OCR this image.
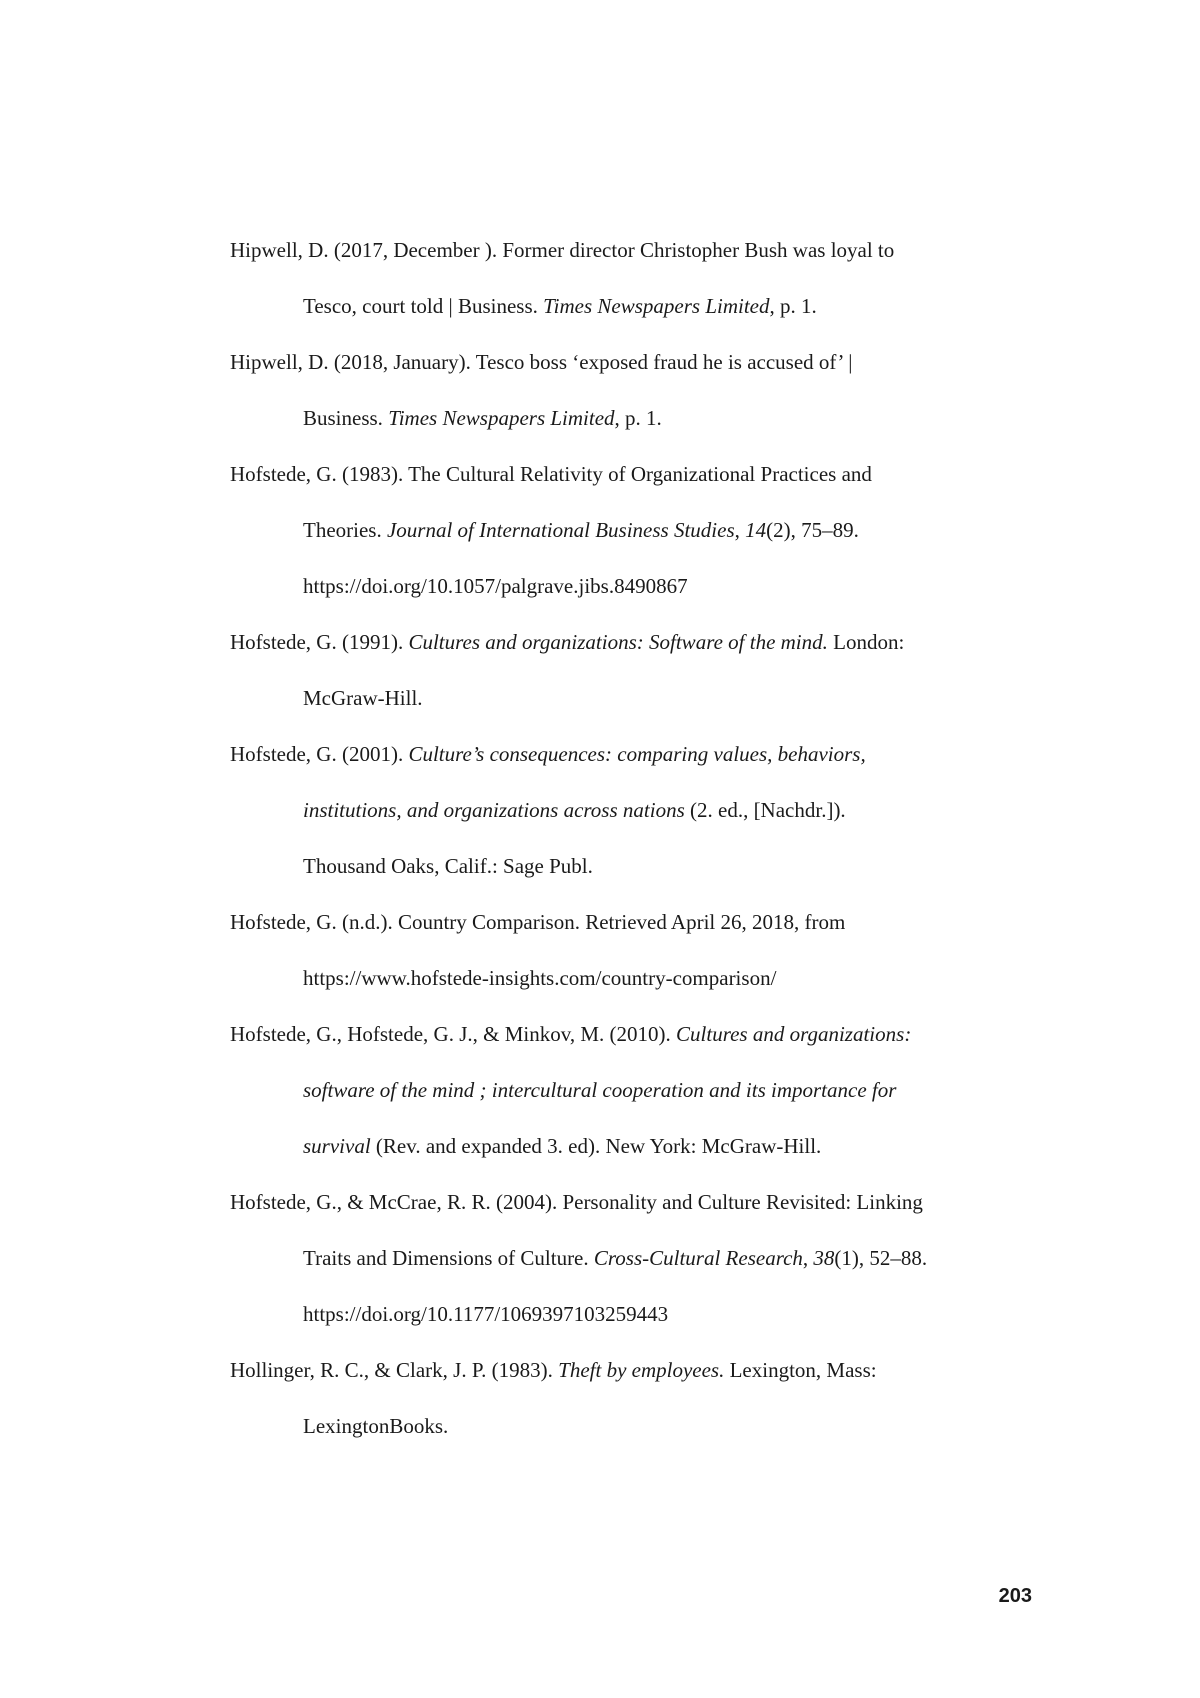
Hipwell, D. (2017, December ). Former director Christopher Bush was loyal to
Tesco, court told | Business. Times Newspapers Limited, p. 1.

Hipwell, D. (2018, January). Tesco boss ‘exposed fraud he is accused of’ |
Business. Times Newspapers Limited, p. 1.

Hofstede, G. (1983). The Cultural Relativity of Organizational Practices and
Theories. Journal of International Business Studies, 14(2), 75–89.
https://doi.org/10.1057/palgrave.jibs.8490867

Hofstede, G. (1991). Cultures and organizations: Software of the mind. London:
McGraw-Hill.

Hofstede, G. (2001). Culture’s consequences: comparing values, behaviors,
institutions, and organizations across nations (2. ed., [Nachdr.]).
Thousand Oaks, Calif.: Sage Publ.

Hofstede, G. (n.d.). Country Comparison. Retrieved April 26, 2018, from
https://www.hofstede-insights.com/country-comparison/

Hofstede, G., Hofstede, G. J., & Minkov, M. (2010). Cultures and organizations:
software of the mind ; intercultural cooperation and its importance for
survival (Rev. and expanded 3. ed). New York: McGraw-Hill.

Hofstede, G., & McCrae, R. R. (2004). Personality and Culture Revisited: Linking
Traits and Dimensions of Culture. Cross-Cultural Research, 38(1), 52–88.
https://doi.org/10.1177/1069397103259443

Hollinger, R. C., & Clark, J. P. (1983). Theft by employees. Lexington, Mass:
LexingtonBooks.

203
